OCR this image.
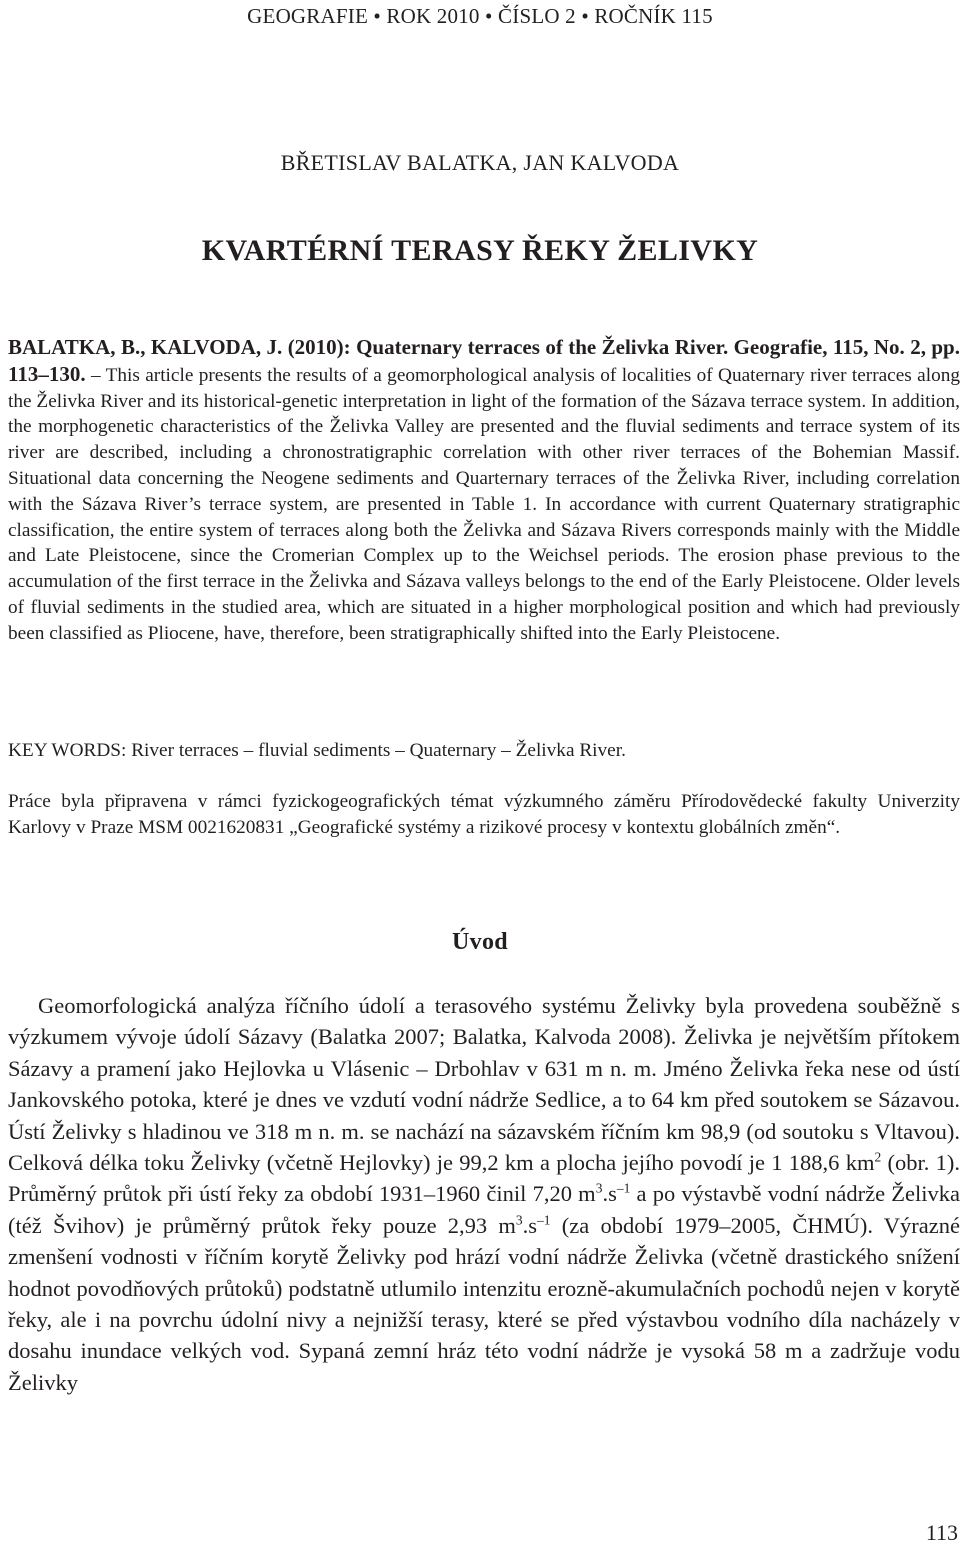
GEOGRAFIE • ROK 2010 • ČÍSLO 2 • ROČNÍK 115
BŘETISLAV BALATKA, JAN KALVODA
KVARTÉRNÍ TERASY ŘEKY ŽELIVKY

BALATKA, B., KALVODA, J. (2010): Quaternary terraces of the Želivka River. Geografie, 115, No. 2, pp. 113–130. – This article presents the results of a geomorphological analysis of localities of Quaternary river terraces along the Želivka River and its historical-genetic interpretation in light of the formation of the Sázava terrace system. In addition, the morphogenetic characteristics of the Želivka Valley are presented and the fluvial sediments and terrace system of its river are described, including a chronostratigraphic correlation with other river terraces of the Bohemian Massif. Situational data concerning the Neogene sediments and Quarternary terraces of the Želivka River, including correlation with the Sázava River’s terrace system, are presented in Table 1. In accordance with current Quaternary stratigraphic classification, the entire system of terraces along both the Želivka and Sázava Rivers corresponds mainly with the Middle and Late Pleistocene, since the Cromerian Complex up to the Weichsel periods. The erosion phase previous to the accumulation of the first terrace in the Želivka and Sázava valleys belongs to the end of the Early Pleistocene. Older levels of fluvial sediments in the studied area, which are situated in a higher morphological position and which had previously been classified as Pliocene, have, therefore, been stratigraphically shifted into the Early Pleistocene.

KEY WORDS: River terraces – fluvial sediments – Quaternary – Želivka River.

Práce byla připravena v rámci fyzickogeografických témat výzkumného záměru Přírodovědecké fakulty Univerzity Karlovy v Praze MSM 0021620831 „Geografické systémy a rizikové procesy v kontextu globálních změn“.

Úvod

Geomorfologická analýza říčního údolí a terasového systému Želivky byla provedena souběžně s výzkumem vývoje údolí Sázavy (Balatka 2007; Balatka, Kalvoda 2008). Želivka je největším přítokem Sázavy a pramení jako Hejlovka u Vlásenic – Drbohlav v 631 m n. m. Jméno Želivka řeka nese od ústí Jankovského potoka, které je dnes ve vzdutí vodní nádrže Sedlice, a to 64 km před soutokem se Sázavou. Ústí Želivky s hladinou ve 318 m n. m. se nachází na sázavském říčním km 98,9 (od soutoku s Vltavou). Celková délka toku Želivky (včetně Hejlovky) je 99,2 km a plocha jejího povodí je 1 188,6 $km^2$ (obr. 1). Průměrný průtok při ústí řeky za období 1931–1960 činil 7,20 $m^3.s^{-1}$ a po výstavbě vodní nádrže Želivka (též Švihov) je průměrný průtok řeky pouze 2,93 $m^3.s^{-1}$ (za období 1979–2005, ČHMÚ). Výrazné zmenšení vodnosti v říčním korytě Želivky pod hrází vodní nádrže Želivka (včetně drastického snížení hodnot povodňových průtoků) podstatně utlumilo intenzitu erozně-akumulačních pochodů nejen v korytě řeky, ale i na povrchu údolní nivy a nejnižší terasy, které se před výstavbou vodního díla nacházely v dosahu inundace velkých vod. Sypaná zemní hráz této vodní nádrže je vysoká 58 m a zadržuje vodu Želivky

113
